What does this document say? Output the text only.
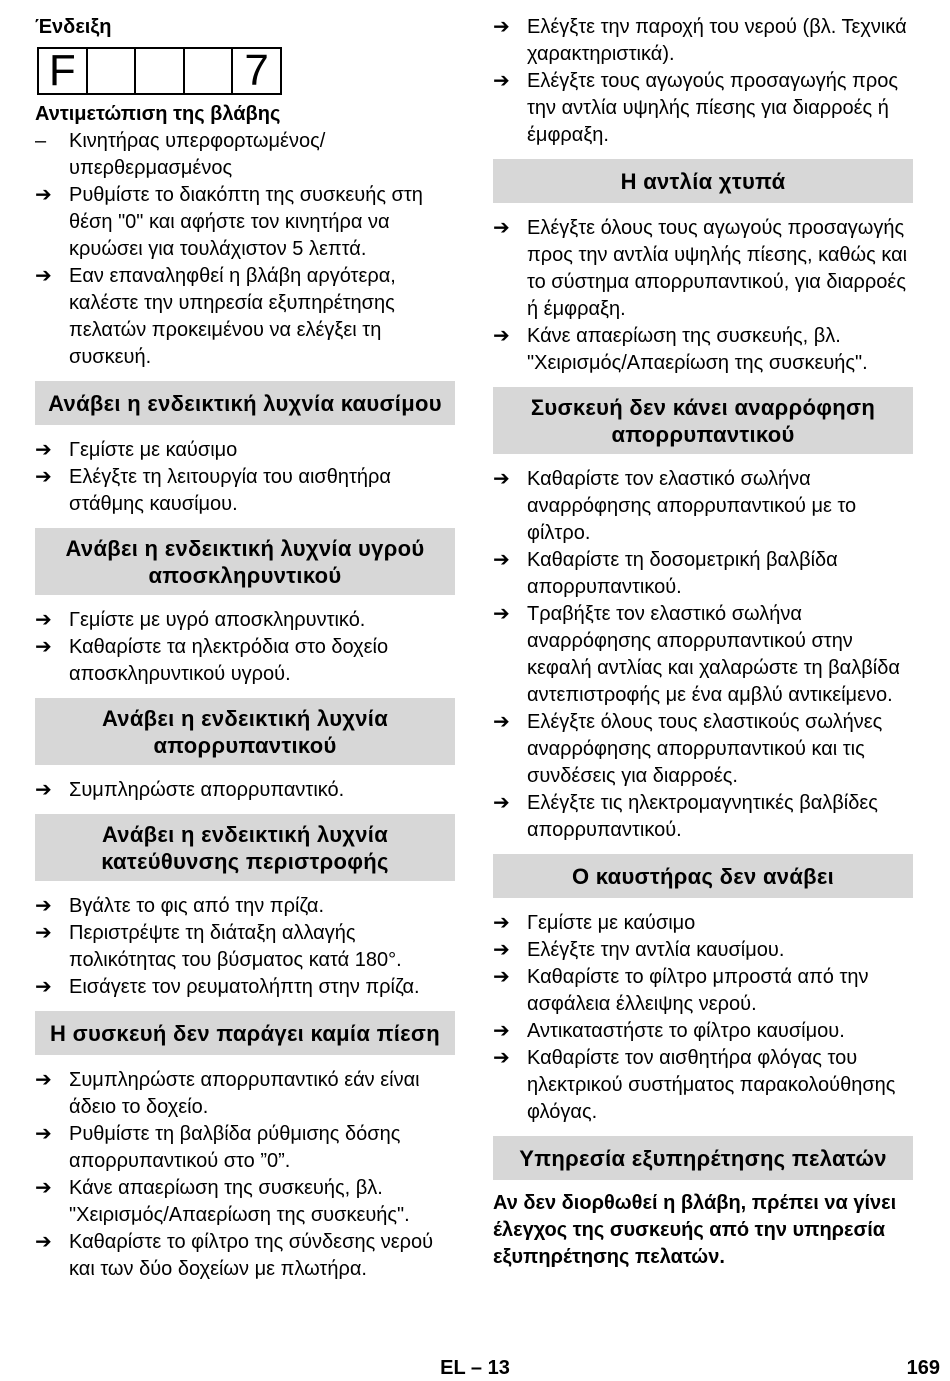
Ένδειξη

F	7

Αντιμετώπιση της βλάβης

–	Κινητήρας υπερφορτωμένος/υπερθερμασμένος
➔ Ρυθμίστε το διακόπτη της συσκευής στη θέση "0" και αφήστε τον κινητήρα να κρυώσει για τουλάχιστον 5 λεπτά.
➔ Εαν επαναληφθεί η βλάβη αργότερα, καλέστε την υπηρεσία εξυπηρέτησης πελατών προκειμένου να ελέγξει τη συσκευή.
Ανάβει η ενδεικτική λυχνία καυσίμου
➔ Γεμίστε με καύσιμο
➔ Ελέγξτε τη λειτουργία του αισθητήρα στάθμης καυσίμου.
Ανάβει η ενδεικτική λυχνία υγρού αποσκληρυντικού
➔ Γεμίστε με υγρό αποσκληρυντικό.
➔ Καθαρίστε τα ηλεκτρόδια στο δοχείο αποσκληρυντικού υγρού.
Ανάβει η ενδεικτική λυχνία απορρυπαντικού
➔ Συμπληρώστε απορρυπαντικό.
Ανάβει η ενδεικτική λυχνία κατεύθυνσης περιστροφής
➔ Βγάλτε το φις από την πρίζα.
➔ Περιστρέψτε τη διάταξη αλλαγής πολικότητας του βύσματος κατά 180°.
➔ Εισάγετε τον ρευματολήπτη στην πρίζα.
Η συσκευή δεν παράγει καμία πίεση
➔ Συμπληρώστε απορρυπαντικό εάν είναι άδειο το δοχείο.
➔ Ρυθμίστε τη βαλβίδα ρύθμισης δόσης απορρυπαντικού στο ”0”.
➔ Κάνε απαερίωση της συσκευής, βλ. "Χειρισμός/Απαερίωση της συσκευής".
➔ Καθαρίστε το φίλτρο της σύνδεσης νερού και των δύο δοχείων με πλωτήρα.
➔ Ελέγξτε την παροχή του νερού (βλ. Τεχνικά χαρακτηριστικά).
➔ Ελέγξτε τους αγωγούς προσαγωγής προς την αντλία υψηλής πίεσης για διαρροές ή έμφραξη.
Η αντλία χτυπά
➔ Ελέγξτε όλους τους αγωγούς προσαγωγής προς την αντλία υψηλής πίεσης, καθώς και το σύστημα απορρυπαντικού, για διαρροές ή έμφραξη.
➔ Κάνε απαερίωση της συσκευής, βλ. "Χειρισμός/Απαερίωση της συσκευής".
Συσκευή δεν κάνει αναρρόφηση απορρυπαντικού
➔ Καθαρίστε τον ελαστικό σωλήνα αναρρόφησης απορρυπαντικού με το φίλτρο.
➔ Καθαρίστε τη δοσομετρική βαλβίδα απορρυπαντικού.
➔ Τραβήξτε τον ελαστικό σωλήνα αναρρόφησης απορρυπαντικού στην κεφαλή αντλίας και χαλαρώστε τη βαλβίδα αντεπιστροφής με ένα αμβλύ αντικείμενο.
➔ Ελέγξτε όλους τους ελαστικούς σωλήνες αναρρόφησης απορρυπαντικού και τις συνδέσεις για διαρροές.
➔ Ελέγξτε τις ηλεκτρομαγνητικές βαλβίδες απορρυπαντικού.
Ο καυστήρας δεν ανάβει
➔ Γεμίστε με καύσιμο
➔ Ελέγξτε την αντλία καυσίμου.
➔ Καθαρίστε το φίλτρο μπροστά από την ασφάλεια έλλειψης νερού.
➔ Αντικαταστήστε το φίλτρο καυσίμου.
➔ Καθαρίστε τον αισθητήρα φλόγας του ηλεκτρικού συστήματος παρακολούθησης φλόγας.
Υπηρεσία εξυπηρέτησης πελατών

Αν δεν διορθωθεί η βλάβη, πρέπει να γίνει έλεγχος της συσκευής από την υπηρεσία εξυπηρέτησης πελατών.

EL – 13	169
